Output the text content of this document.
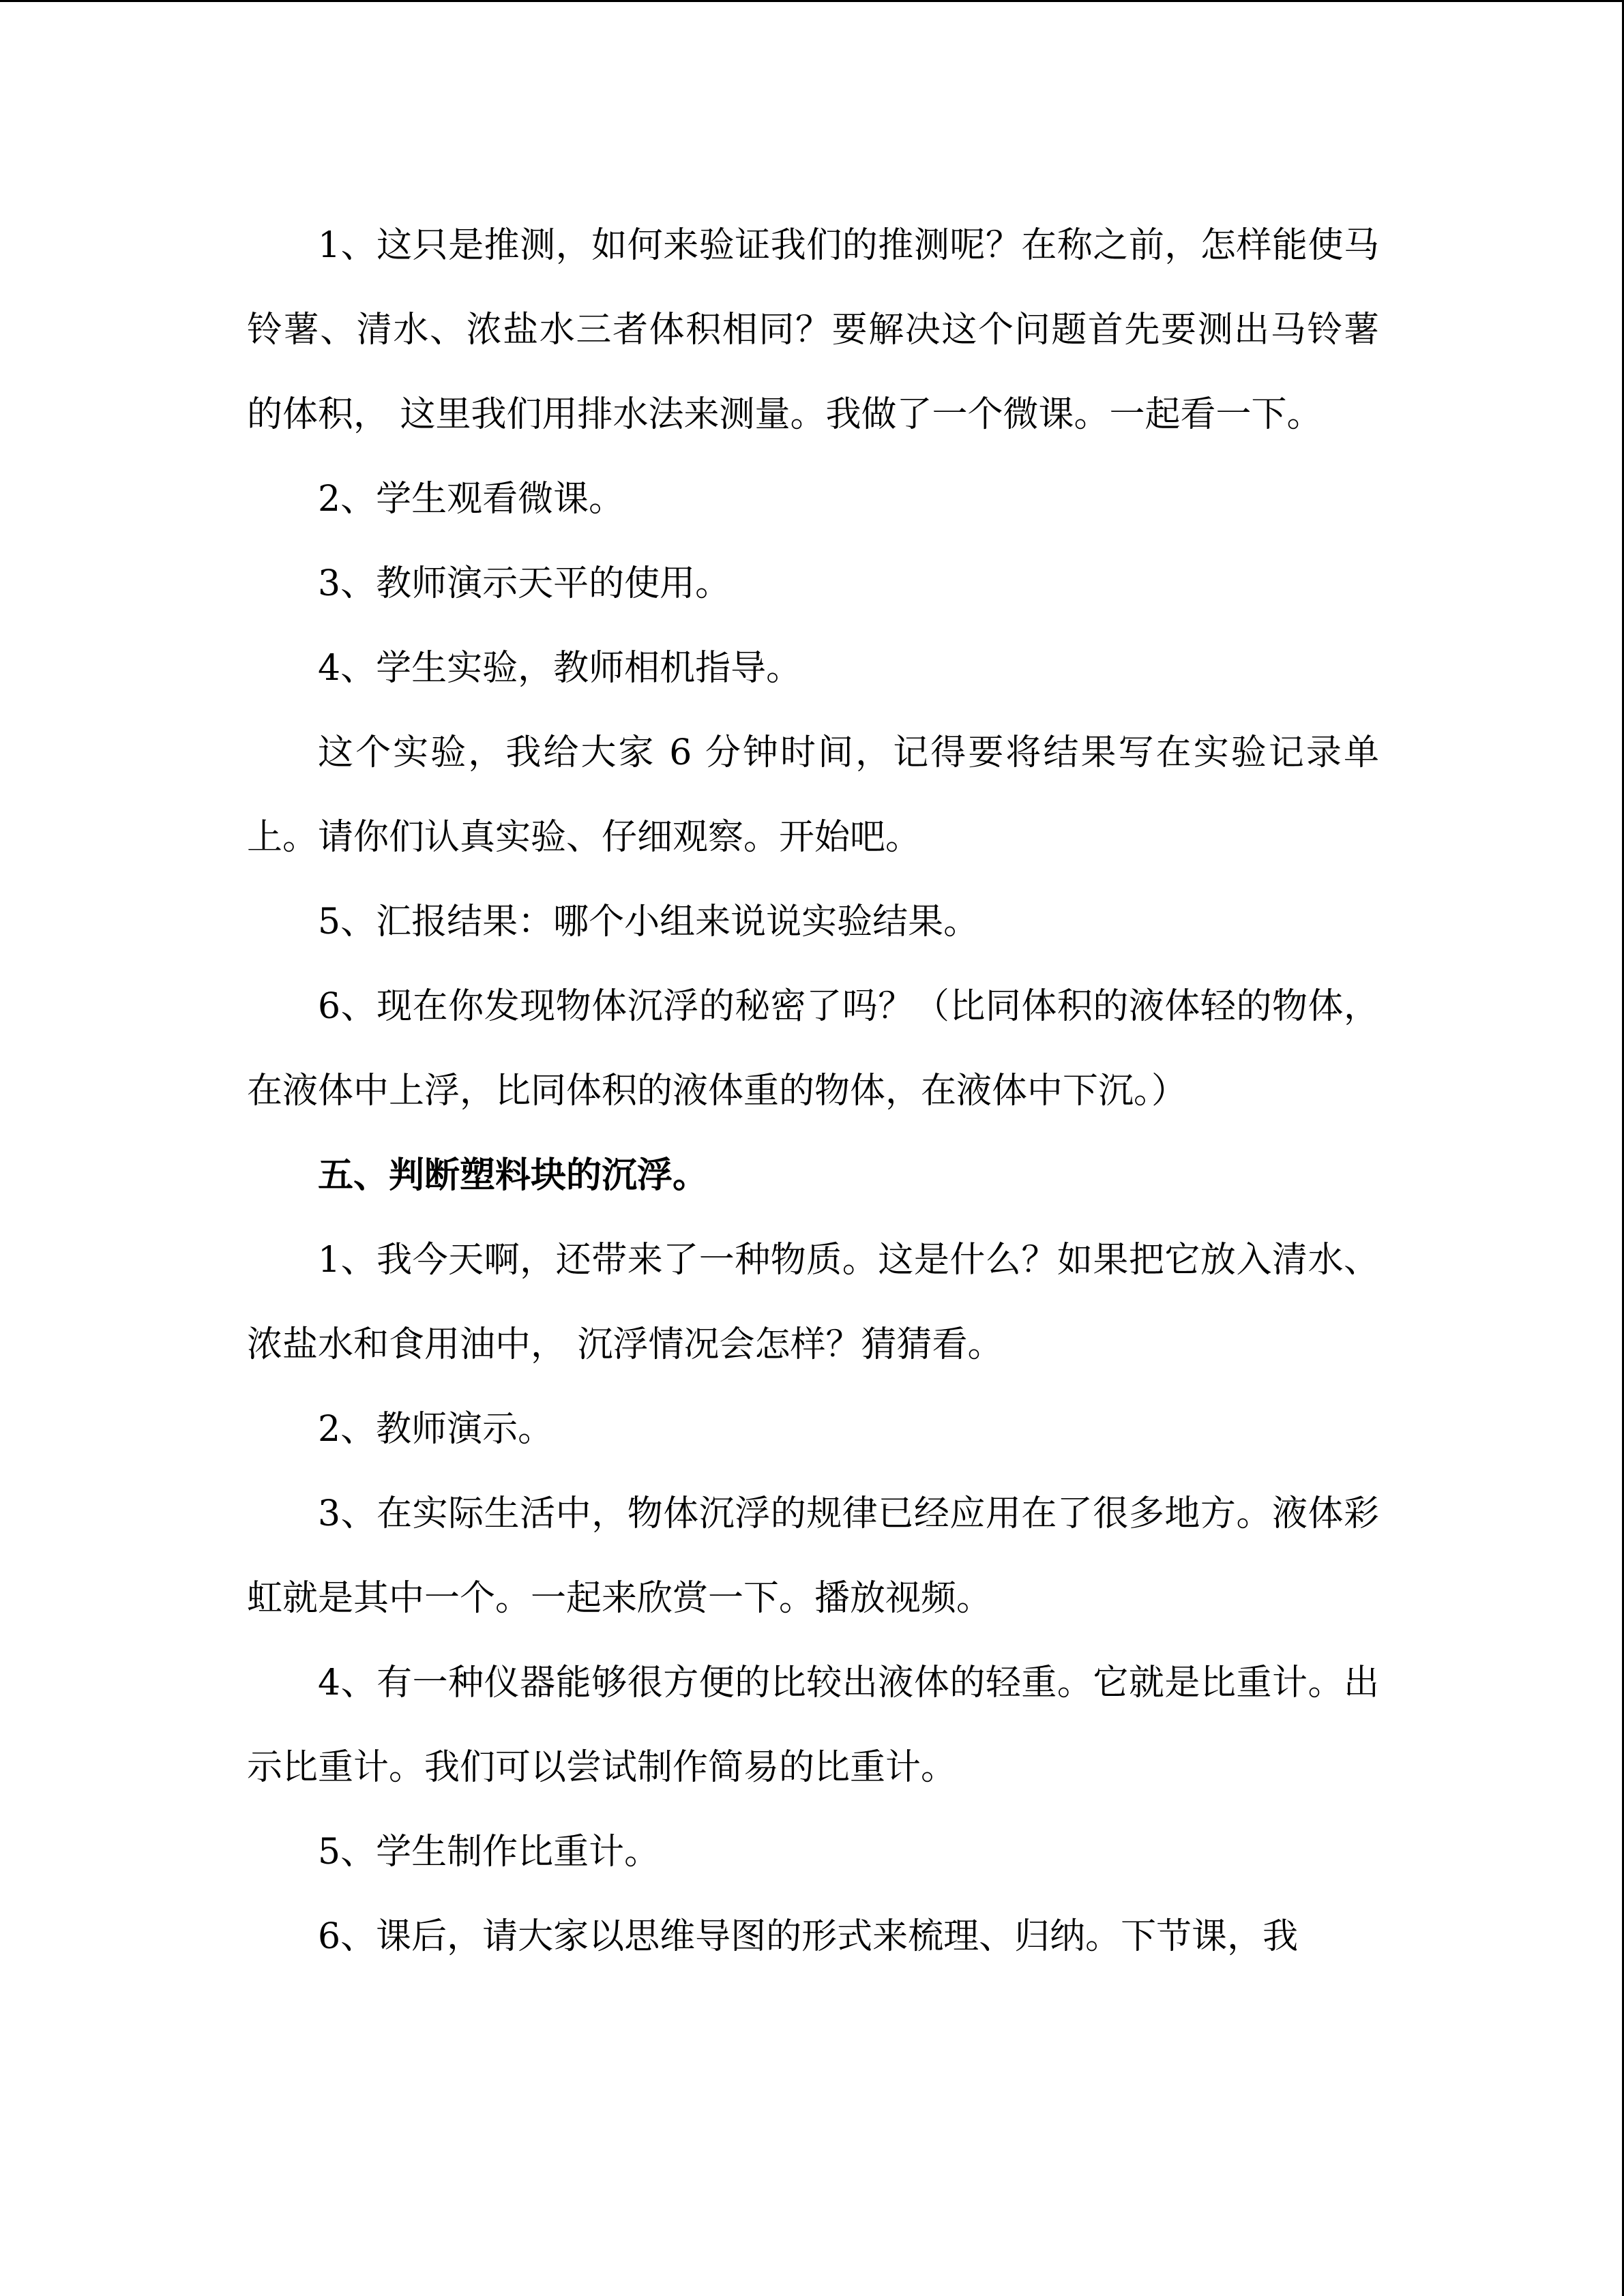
1、这只是推测，如何来验证我们的推测呢？在称之前，怎样能使马铃薯、清水、浓盐水三者体积相同？要解决这个问题首先要测出马铃薯的体积， 这里我们用排水法来测量。我做了一个微课。一起看一下。

2、学生观看微课。

3、教师演示天平的使用。

4、学生实验，教师相机指导。

这个实验，我给大家 6 分钟时间，记得要将结果写在实验记录单上。请你们认真实验、仔细观察。开始吧。

5、汇报结果：哪个小组来说说实验结果。

6、现在你发现物体沉浮的秘密了吗？（比同体积的液体轻的物体，在液体中上浮，比同体积的液体重的物体，在液体中下沉。）

五、判断塑料块的沉浮。

1、我今天啊，还带来了一种物质。这是什么？如果把它放入清水、浓盐水和食用油中， 沉浮情况会怎样？猜猜看。

2、教师演示。

3、在实际生活中，物体沉浮的规律已经应用在了很多地方。液体彩虹就是其中一个。一起来欣赏一下。播放视频。

4、有一种仪器能够很方便的比较出液体的轻重。它就是比重计。出示比重计。我们可以尝试制作简易的比重计。

5、学生制作比重计。

6、课后，请大家以思维导图的形式来梳理、归纳。下节课，我
